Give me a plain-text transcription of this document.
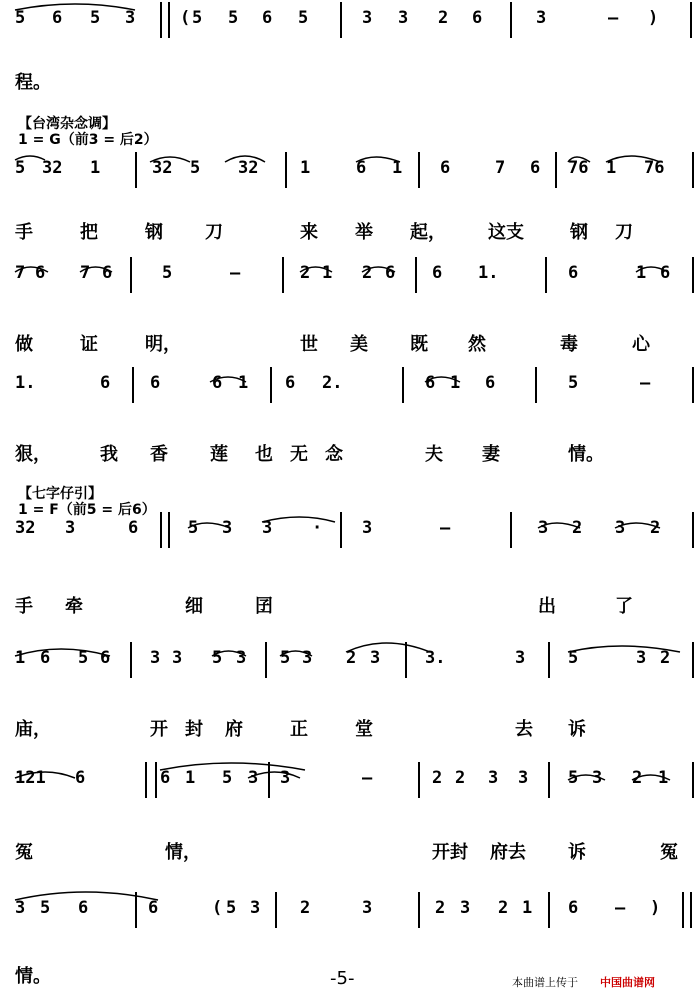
5 6 5 3	( 5 5 6 5	3 3 2 6	3	– )
5 32 1	32 5 32 1	6 1 6	7 6 76 1 76
7 6 7 6	5	–	2 1 2 6 6 1.	6	1 6
1.	6 6	6 1 6 2.	6 1 6	5	–
32 3	6	5 3 3 · 3	–	3 2 3 2
1 6 5 6 3 3 5 3 5 3 2 3	3.	3	5	3 2
121 6	6 1 5 3 3	–	2 2 3 3 5 3 2 1
3 5 6	6	( 5 3 2	3	2 3 2 1 6 – )
【台湾杂念调】
1 = G（前3 = 后2）
【七字仔引】
1 = F（前5 = 后6）
程。
手	把	钢 刀	来 举 起， 这支	钢 刀
做	证	明，	世 美 既 然	毒	心
狠，	我 香 莲 也 无 念	夫 妻	情。
手 牵	细	囝	出	了
庙，	开 封 府	正	堂	去 诉
冤	情，	开封 府去 诉	冤
情。	-5-	本曲谱上传于 中国曲谱网
